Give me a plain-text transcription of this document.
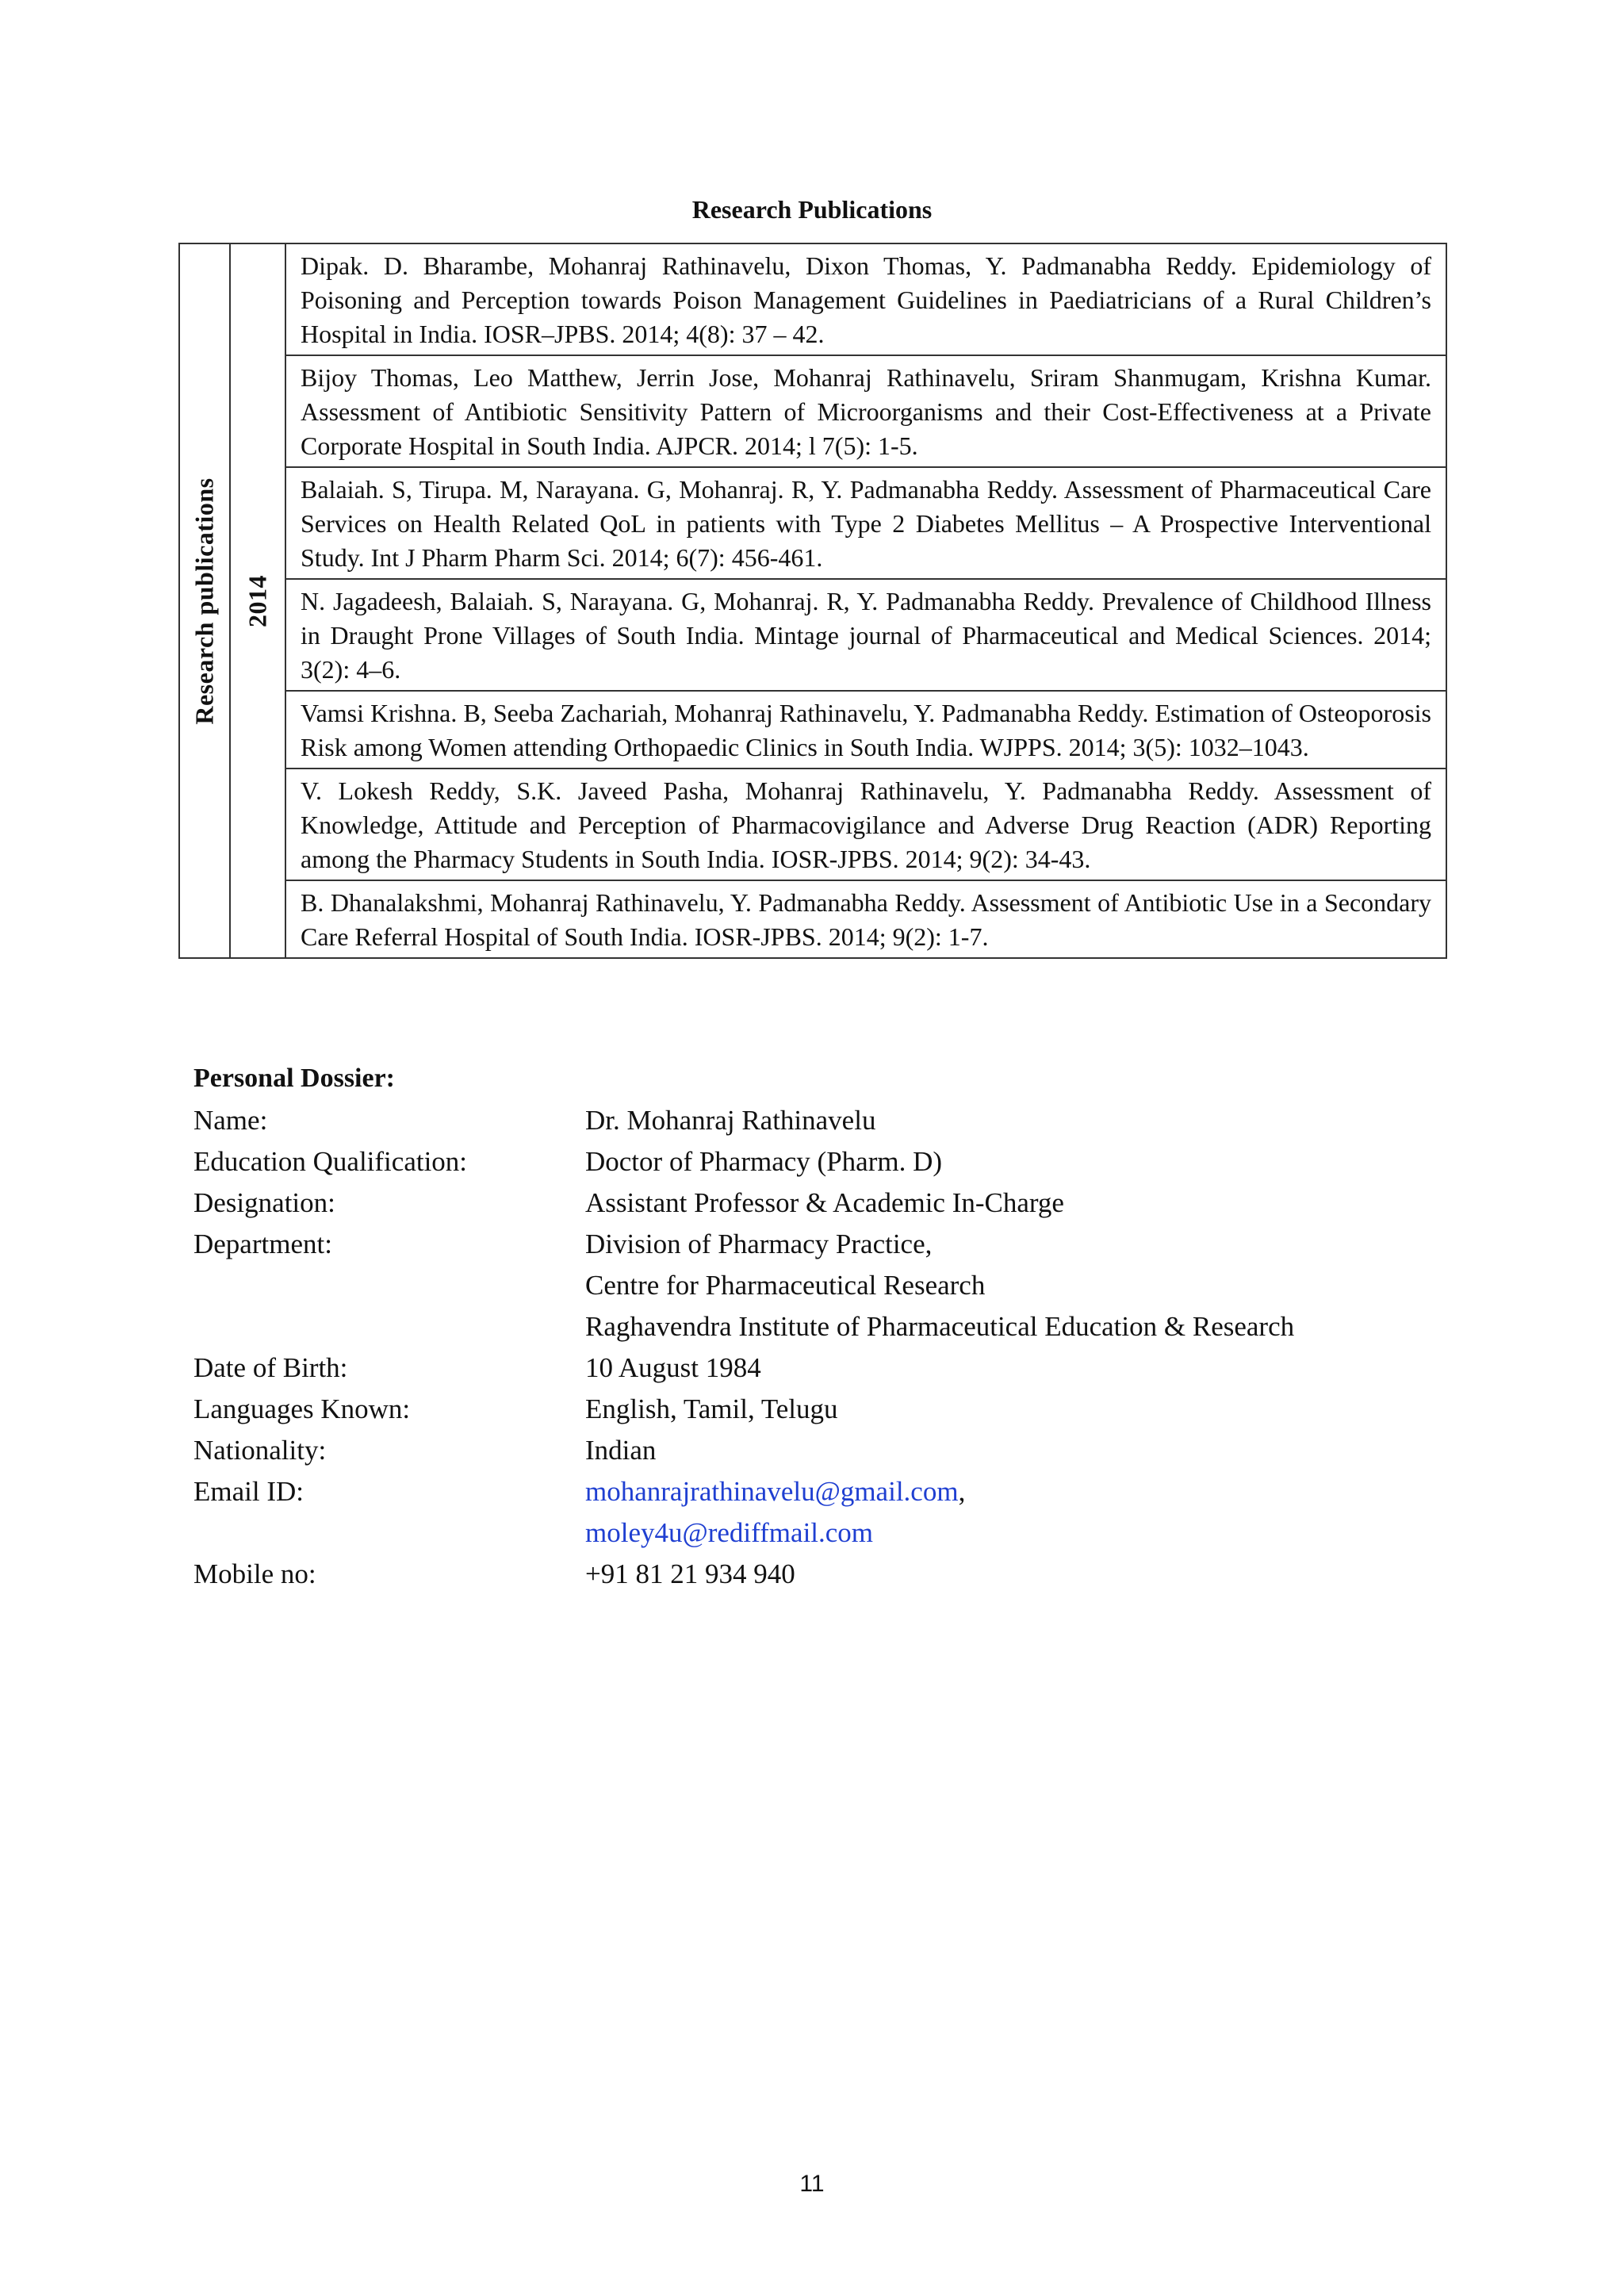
Research Publications
Research publications	2014
	Dipak. D. Bharambe, Mohanraj Rathinavelu, Dixon Thomas, Y. Padmanabha Reddy. Epidemiology of Poisoning and Perception towards Poison Management Guidelines in Paediatricians of a Rural Children’s Hospital in India. IOSR–JPBS. 2014; 4(8): 37 – 42.
Bijoy Thomas, Leo Matthew, Jerrin Jose, Mohanraj Rathinavelu, Sriram Shanmugam, Krishna Kumar. Assessment of Antibiotic Sensitivity Pattern of Microorganisms and their Cost-Effectiveness at a Private Corporate Hospital in South India. AJPCR. 2014; l 7(5): 1-5.
Balaiah. S, Tirupa. M, Narayana. G, Mohanraj. R, Y. Padmanabha Reddy. Assessment of Pharmaceutical Care Services on Health Related QoL in patients with Type 2 Diabetes Mellitus – A Prospective Interventional Study. Int J Pharm Pharm Sci. 2014; 6(7): 456-461.
N. Jagadeesh, Balaiah. S, Narayana. G, Mohanraj. R, Y. Padmanabha Reddy. Prevalence of Childhood Illness in Draught Prone Villages of South India. Mintage journal of Pharmaceutical and Medical Sciences. 2014; 3(2): 4–6.
Vamsi Krishna. B, Seeba Zachariah, Mohanraj Rathinavelu, Y. Padmanabha Reddy. Estimation of Osteoporosis Risk among Women attending Orthopaedic Clinics in South India. WJPPS. 2014; 3(5): 1032–1043.
V. Lokesh Reddy, S.K. Javeed Pasha, Mohanraj Rathinavelu, Y. Padmanabha Reddy. Assessment of Knowledge, Attitude and Perception of Pharmacovigilance and Adverse Drug Reaction (ADR) Reporting among the Pharmacy Students in South India. IOSR-JPBS. 2014; 9(2): 34-43.
B. Dhanalakshmi, Mohanraj Rathinavelu, Y. Padmanabha Reddy. Assessment of Antibiotic Use in a Secondary Care Referral Hospital of South India. IOSR-JPBS. 2014; 9(2): 1-7.
Personal Dossier:
Name:	Dr. Mohanraj Rathinavelu
Education Qualification:	Doctor of Pharmacy (Pharm. D)
Designation:	Assistant Professor & Academic In-Charge
Department:	Division of Pharmacy Practice,
Centre for Pharmaceutical Research
Raghavendra Institute of Pharmaceutical Education & Research
Date of Birth:	10 August 1984
Languages Known:	English, Tamil, Telugu
Nationality:	Indian
Email ID:	mohanrajrathinavelu@gmail.com,
moley4u@rediffmail.com
Mobile no:	+91 81 21 934 940
11
